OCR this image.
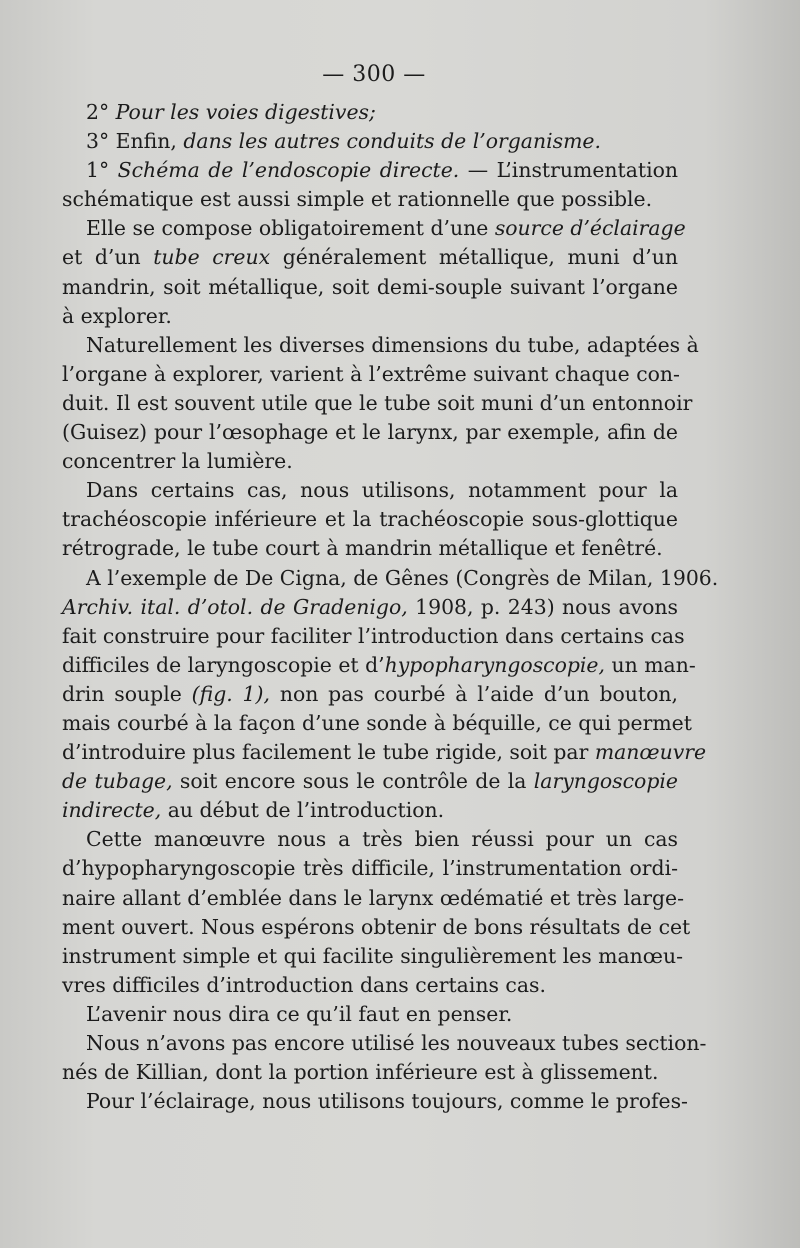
— 300 —
2° Pour les voies digestives;
3° Enfin, dans les autres conduits de l’organisme.
1° Schéma de l’endoscopie directe. — L’instrumentation
schématique est aussi simple et rationnelle que possible.
Elle se compose obligatoirement d’une source d’éclairage
et d’un tube creux généralement métallique, muni d’un
mandrin, soit métallique, soit demi-souple suivant l’organe
à explorer.
Naturellement les diverses dimensions du tube, adaptées à
l’organe à explorer, varient à l’extrême suivant chaque con-
duit. Il est souvent utile que le tube soit muni d’un entonnoir
(Guisez) pour l’œsophage et le larynx, par exemple, afin de
concentrer la lumière.
Dans certains cas, nous utilisons, notamment pour la
trachéoscopie inférieure et la trachéoscopie sous-glottique
rétrograde, le tube court à mandrin métallique et fenêtré.
A l’exemple de De Cigna, de Gênes (Congrès de Milan, 1906.
Archiv. ital. d’otol. de Gradenigo, 1908, p. 243) nous avons
fait construire pour faciliter l’introduction dans certains cas
difficiles de laryngoscopie et d’hypopharyngoscopie, un man-
drin souple (fig. 1), non pas courbé à l’aide d’un bouton,
mais courbé à la façon d’une sonde à béquille, ce qui permet
d’introduire plus facilement le tube rigide, soit par manœuvre
de tubage, soit encore sous le contrôle de la laryngoscopie
indirecte, au début de l’introduction.
Cette manœuvre nous a très bien réussi pour un cas
d’hypopharyngoscopie très difficile, l’instrumentation ordi-
naire allant d’emblée dans le larynx œdématié et très large-
ment ouvert. Nous espérons obtenir de bons résultats de cet
instrument simple et qui facilite singulièrement les manœu-
vres difficiles d’introduction dans certains cas.
L’avenir nous dira ce qu’il faut en penser.
Nous n’avons pas encore utilisé les nouveaux tubes section-
nés de Killian, dont la portion inférieure est à glissement.
Pour l’éclairage, nous utilisons toujours, comme le profes-
